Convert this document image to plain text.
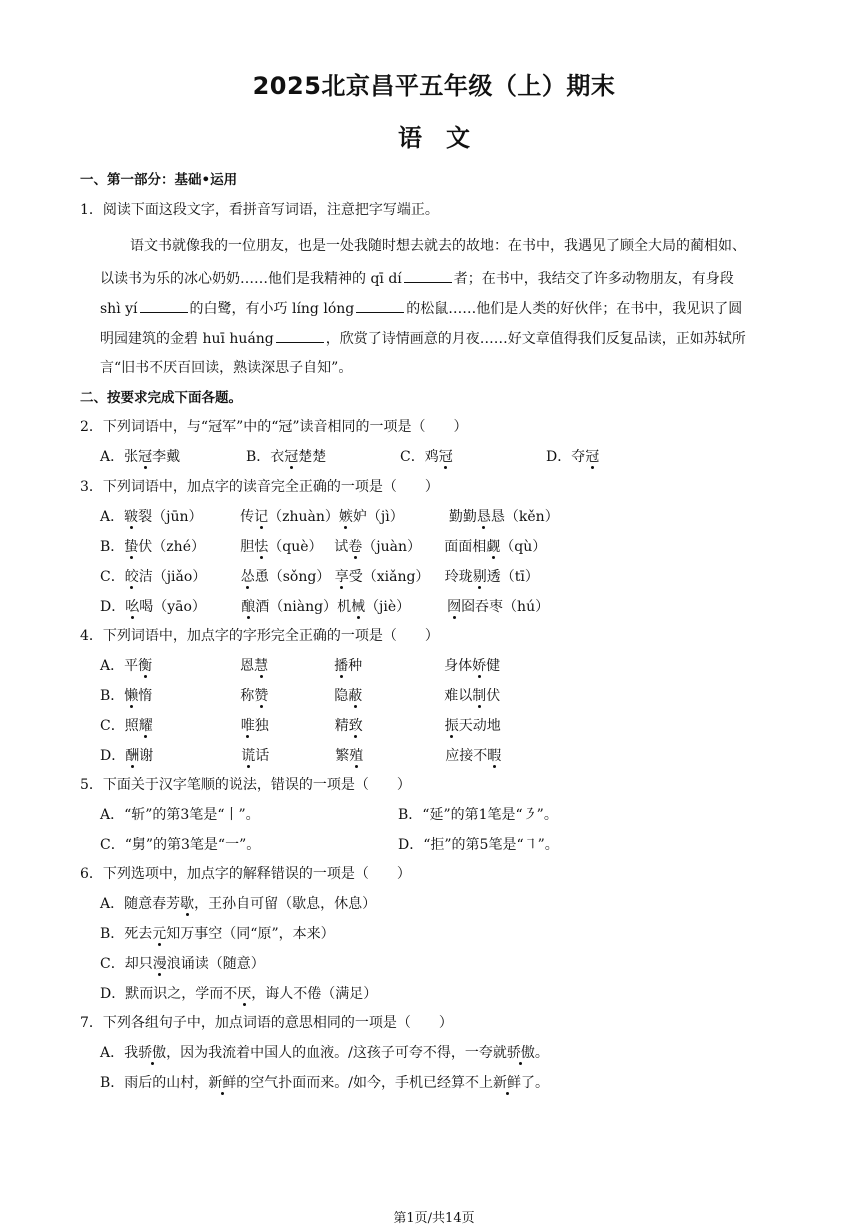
2025北京昌平五年级（上）期末
语　文
一、第一部分：基础•运用
1．阅读下面这段文字，看拼音写词语，注意把字写端正。
语文书就像我的一位朋友，也是一处我随时想去就去的故地：在书中，我遇见了顾全大局的蔺相如、
以读书为乐的冰心奶奶……他们是我精神的 qī dí	者；在书中，我结交了许多动物朋友，有身段
shì yí	的白鹭，有小巧 líng lóng	的松鼠……他们是人类的好伙伴；在书中，我见识了圆
明园建筑的金碧 huī huáng	，欣赏了诗情画意的月夜……好文章值得我们反复品读，正如苏轼所
言“旧书不厌百回读，熟读深思子自知”。
二、按要求完成下面各题。
2．下列词语中，与“冠军”中的“冠”读音相同的一项是（　　）
A．张冠李戴	B．衣冠楚楚	C．鸡冠	D．夺冠
3．下列词语中，加点字的读音完全正确的一项是（　　）
A．皲裂（jūn）	传记（zhuàn）嫉妒（jì）	勤勤恳恳（kěn）
B．蛰伏（zhé）	胆怯（què） 试卷（juàn） 面面相觑（qù）
C．皎洁（jiǎo） 怂恿（sǒng） 享受（xiǎng） 玲珑剔透（tī）
D．吆喝（yāo）	酿酒（niàng）机械（jiè）	囫囵吞枣（hú）
4．下列词语中，加点字的字形完全正确的一项是（　　）
A．平衡	恩慧	播种	身体娇健
B．懒惰	称赞	隐蔽	难以制伏
C．照耀	唯独	精致	振天动地
D．酬谢	谎话	繁殖	应接不暇
5．下面关于汉字笔顺的说法，错误的一项是（　　）
A．“斩”的第3笔是“丨”。	B．“延”的第1笔是“㇋”。
C．“舅”的第3笔是“一”。	D．“拒”的第5笔是“㇕”。
6．下列选项中，加点字的解释错误的一项是（　　）
A．随意春芳歇，王孙自可留（歇息，休息）
B．死去元知万事空（同“原”，本来）
C．却只漫浪诵读（随意）
D．默而识之，学而不厌，诲人不倦（满足）
7．下列各组句子中，加点词语的意思相同的一项是（　　）
A．我骄傲，因为我流着中国人的血液。/这孩子可夸不得，一夸就骄傲。
B．雨后的山村，新鲜的空气扑面而来。/如今，手机已经算不上新鲜了。
第1页/共14页
